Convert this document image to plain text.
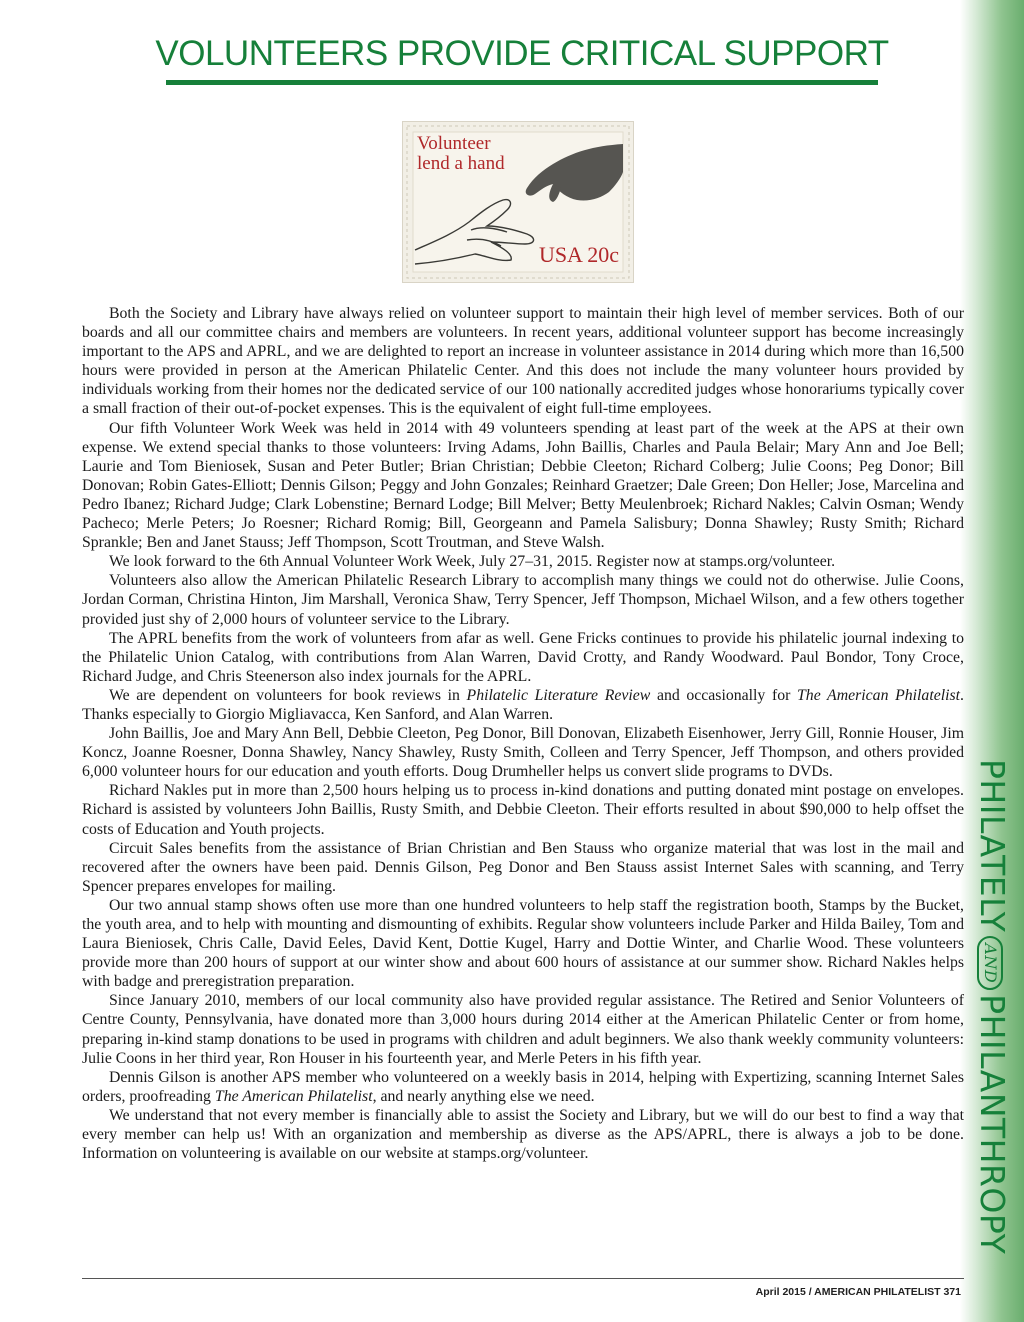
PHILATELYANDPHILANTHROPY
VOLUNTEERS PROVIDE CRITICAL SUPPORT
Volunteer
lend a hand
USA 20c

Both the Society and Library have always relied on volunteer support to maintain their high level of member services. Both of our boards and all our committee chairs and members are volunteers. In recent years, additional volunteer support has become increasingly important to the APS and APRL, and we are delighted to report an increase in volunteer assistance in 2014 during which more than 16,500 hours were provided in person at the American Philatelic Center. And this does not include the many volunteer hours provided by individuals working from their homes nor the dedicated service of our 100 nationally accredited judges whose honorariums typically cover a small fraction of their out-of-pocket expenses. This is the equivalent of eight full-time employees.

Our fifth Volunteer Work Week was held in 2014 with 49 volunteers spending at least part of the week at the APS at their own expense. We extend special thanks to those volunteers: Irving Adams, John Baillis, Charles and Paula Belair; Mary Ann and Joe Bell; Laurie and Tom Bieniosek, Susan and Peter Butler; Brian Christian; Debbie Cleeton; Richard Colberg; Julie Coons; Peg Donor; Bill Donovan; Robin Gates-Elliott; Dennis Gilson; Peggy and John Gonzales; Reinhard Graetzer; Dale Green; Don Heller; Jose, Marcelina and Pedro Ibanez; Richard Judge; Clark Lobenstine; Bernard Lodge; Bill Melver; Betty Meulenbroek; Richard Nakles; Calvin Osman; Wendy Pacheco; Merle Peters; Jo Roesner; Richard Romig; Bill, Georgeann and Pamela Salisbury; Donna Shawley; Rusty Smith; Richard Sprankle; Ben and Janet Stauss; Jeff Thompson, Scott Troutman, and Steve Walsh.

We look forward to the 6th Annual Volunteer Work Week, July 27–31, 2015. Register now at stamps.org/volunteer.

Volunteers also allow the American Philatelic Research Library to accomplish many things we could not do otherwise. Julie Coons, Jordan Corman, Christina Hinton, Jim Marshall, Veronica Shaw, Terry Spencer, Jeff Thompson, Michael Wilson, and a few others together provided just shy of 2,000 hours of volunteer service to the Library.

The APRL benefits from the work of volunteers from afar as well. Gene Fricks continues to provide his philatelic journal indexing to the Philatelic Union Catalog, with contributions from Alan Warren, David Crotty, and Randy Woodward. Paul Bondor, Tony Croce, Richard Judge, and Chris Steenerson also index journals for the APRL.

We are dependent on volunteers for book reviews in Philatelic Literature Review and occasionally for The American Philatelist. Thanks especially to Giorgio Migliavacca, Ken Sanford, and Alan Warren.

John Baillis, Joe and Mary Ann Bell, Debbie Cleeton, Peg Donor, Bill Donovan, Elizabeth Eisenhower, Jerry Gill, Ronnie Houser, Jim Koncz, Joanne Roesner, Donna Shawley, Nancy Shawley, Rusty Smith, Colleen and Terry Spencer, Jeff Thompson, and others provided 6,000 volunteer hours for our education and youth efforts. Doug Drumheller helps us convert slide programs to DVDs.

Richard Nakles put in more than 2,500 hours helping us to process in-kind donations and putting donated mint postage on envelopes. Richard is assisted by volunteers John Baillis, Rusty Smith, and Debbie Cleeton. Their efforts resulted in about $90,000 to help offset the costs of Education and Youth projects.

Circuit Sales benefits from the assistance of Brian Christian and Ben Stauss who organize material that was lost in the mail and recovered after the owners have been paid. Dennis Gilson, Peg Donor and Ben Stauss assist Internet Sales with scanning, and Terry Spencer prepares envelopes for mailing.

Our two annual stamp shows often use more than one hundred volunteers to help staff the registration booth, Stamps by the Bucket, the youth area, and to help with mounting and dismounting of exhibits. Regular show volunteers include Parker and Hilda Bailey, Tom and Laura Bieniosek, Chris Calle, David Eeles, David Kent, Dottie Kugel, Harry and Dottie Winter, and Charlie Wood. These volunteers provide more than 200 hours of support at our winter show and about 600 hours of assistance at our summer show. Richard Nakles helps with badge and preregistration preparation.

Since January 2010, members of our local community also have provided regular assistance. The Retired and Senior Volunteers of Centre County, Pennsylvania, have donated more than 3,000 hours during 2014 either at the American Philatelic Center or from home, preparing in-kind stamp donations to be used in programs with children and adult beginners. We also thank weekly community volunteers: Julie Coons in her third year, Ron Houser in his fourteenth year, and Merle Peters in his fifth year.

Dennis Gilson is another APS member who volunteered on a weekly basis in 2014, helping with Expertizing, scanning Internet Sales orders, proofreading The American Philatelist, and nearly anything else we need.

We understand that not every member is financially able to assist the Society and Library, but we will do our best to find a way that every member can help us! With an organization and membership as diverse as the APS/APRL, there is always a job to be done. Information on volunteering is available on our website at stamps.org/volunteer.

April 2015 / AMERICAN PHILATELIST 371
